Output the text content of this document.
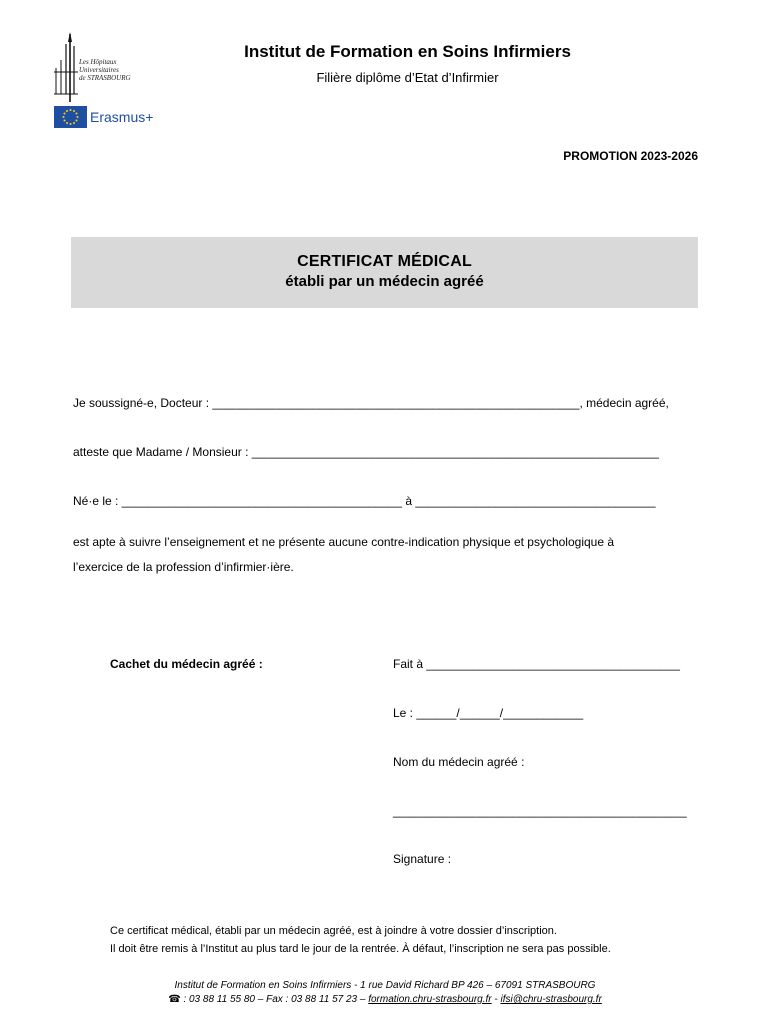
Les Hôpitaux
Universitaires
de STRASBOURG
Erasmus+
Institut de Formation en Soins Infirmiers
Filière diplôme d’Etat d’Infirmier
PROMOTION 2023-2026
CERTIFICAT MÉDICAL
établi par un médecin agréé
Je soussigné-e, Docteur : _______________________________________________________, médecin agréé,
atteste que Madame / Monsieur : _____________________________________________________________
Né·e le : __________________________________________ à ____________________________________
est apte à suivre l’enseignement et ne présente aucune contre-indication physique et psychologique à
l’exercice de la profession d’infirmier·ière.
Cachet du médecin agréé :	Fait à ______________________________________
Le : ______/______/____________
Nom du médecin agréé :
____________________________________________
Signature :
Ce certificat médical, établi par un médecin agréé, est à joindre à votre dossier d’inscription.
Il doit être remis à l’Institut au plus tard le jour de la rentrée. À défaut, l’inscription ne sera pas possible.
Institut de Formation en Soins Infirmiers - 1 rue David Richard BP 426 – 67091 STRASBOURG
☎ : 03 88 11 55 80 – Fax : 03 88 11 57 23 – formation.chru-strasbourg.fr - ifsi@chru-strasbourg.fr
